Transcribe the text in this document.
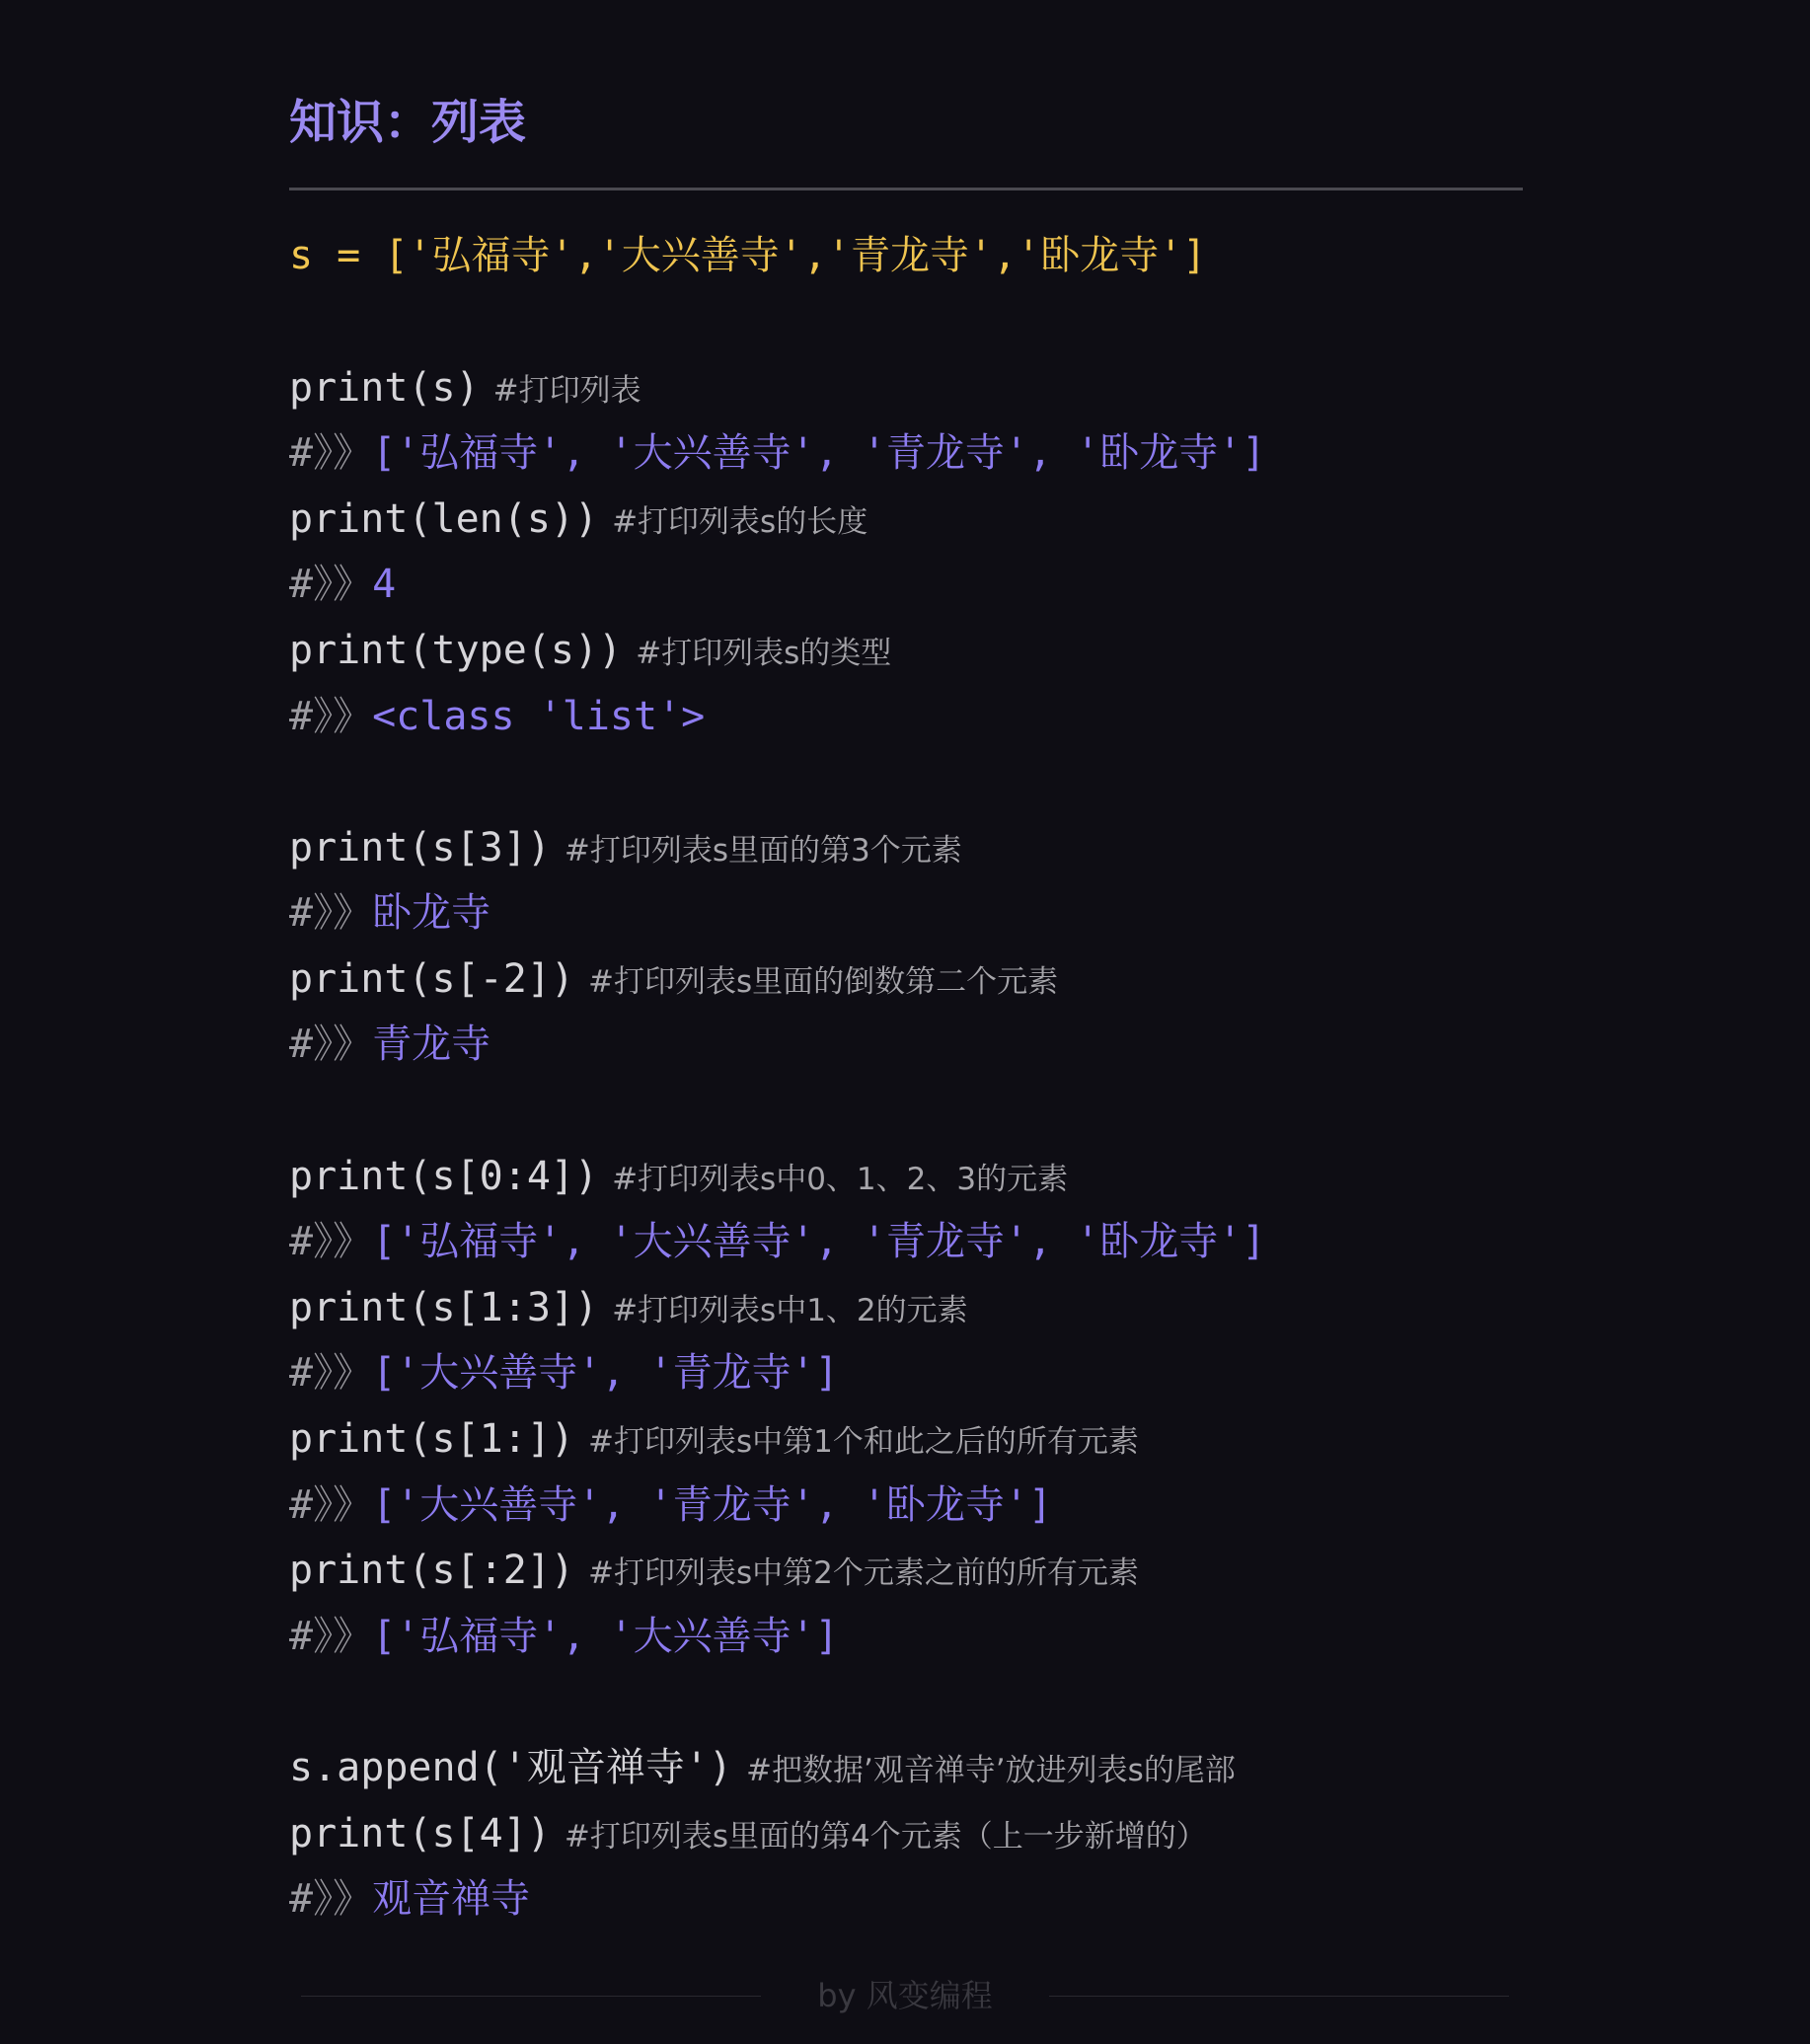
知识：列表
s = ['弘福寺','大兴善寺','青龙寺','卧龙寺']
print(s) #打印列表
#》》['弘福寺', '大兴善寺', '青龙寺', '卧龙寺']
print(len(s)) #打印列表s的长度
#》》4
print(type(s)) #打印列表s的类型
#》》<class 'list'>
print(s[3]) #打印列表s里面的第3个元素
#》》卧龙寺
print(s[-2]) #打印列表s里面的倒数第二个元素
#》》青龙寺
print(s[0:4]) #打印列表s中0、1、2、3的元素
#》》['弘福寺', '大兴善寺', '青龙寺', '卧龙寺']
print(s[1:3]) #打印列表s中1、2的元素
#》》['大兴善寺', '青龙寺']
print(s[1:]) #打印列表s中第1个和此之后的所有元素
#》》['大兴善寺', '青龙寺', '卧龙寺']
print(s[:2]) #打印列表s中第2个元素之前的所有元素
#》》['弘福寺', '大兴善寺']
s.append('观音禅寺') #把数据’观音禅寺’放进列表s的尾部
print(s[4]) #打印列表s里面的第4个元素（上一步新增的）
#》》观音禅寺
by 风变编程
